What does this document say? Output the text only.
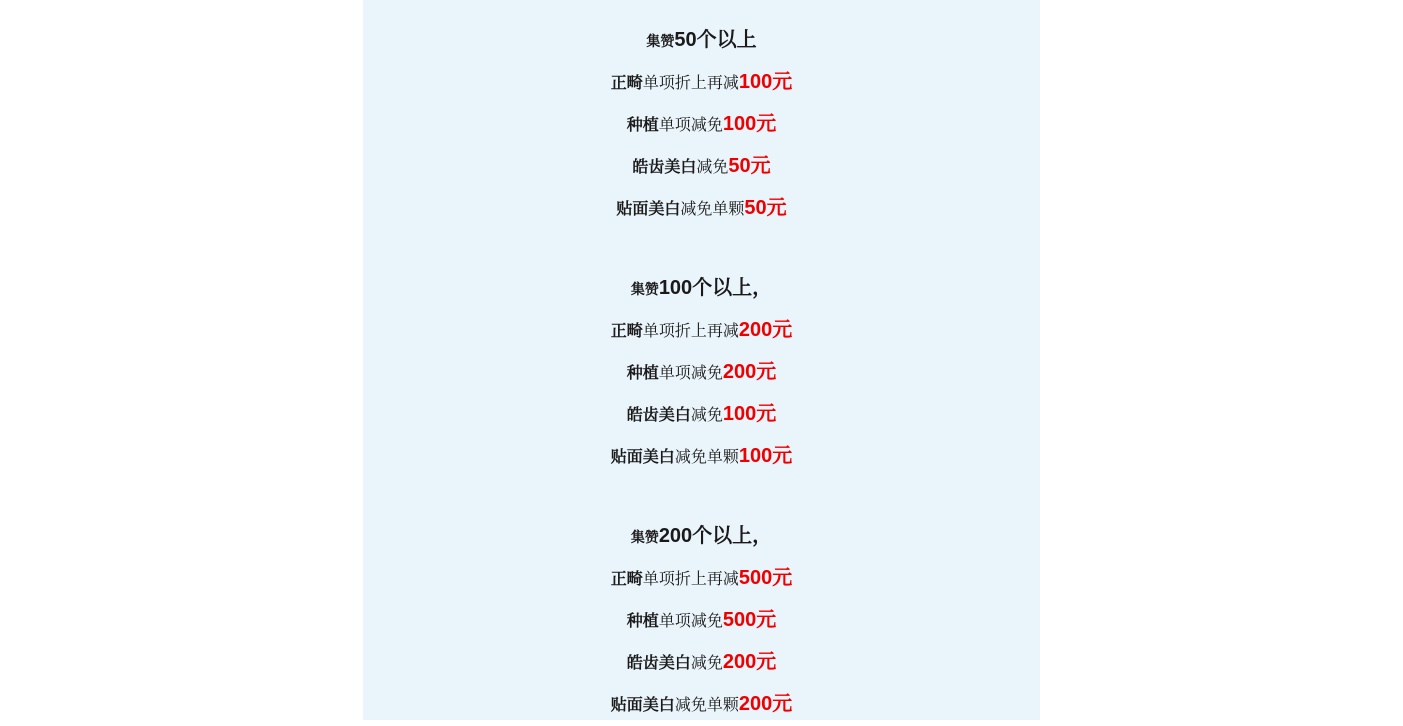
集赞50个以上

正畸单项折上再减100元

种植单项减免100元

皓齿美白减免50元

贴面美白减免单颗50元

集赞100个以上，

正畸单项折上再减200元

种植单项减免200元

皓齿美白减免100元

贴面美白减免单颗100元

集赞200个以上，

正畸单项折上再减500元

种植单项减免500元

皓齿美白减免200元

贴面美白减免单颗200元
